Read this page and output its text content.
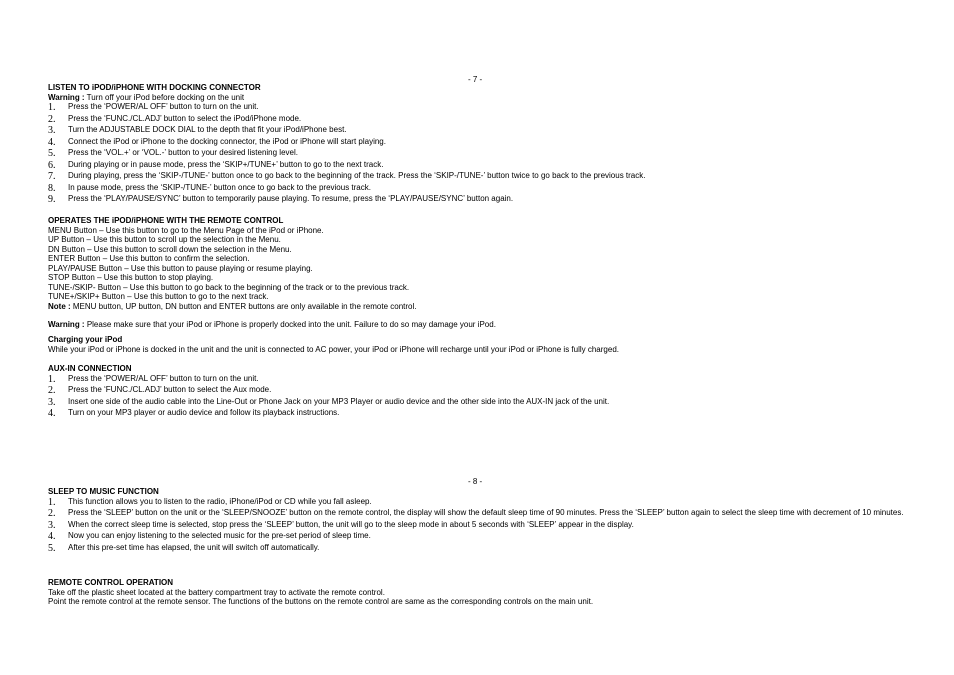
- 7 -
LISTEN TO iPOD/iPHONE WITH DOCKING CONNECTOR
Warning : Turn off your iPod before docking on the unit
1. Press the ‘POWER/AL OFF’ button to turn on the unit.
2. Press the ‘FUNC./CL.ADJ’ button to select the iPod/iPhone mode.
3. Turn the ADJUSTABLE DOCK DIAL to the depth that fit your iPod/iPhone best.
4. Connect the iPod or iPhone to the docking connector, the iPod or iPhone will start playing.
5. Press the ‘VOL.+’ or ‘VOL.-’ button to your desired listening level.
6. During playing or in pause mode, press the ‘SKIP+/TUNE+’ button to go to the next track.
7. During playing, press the ‘SKIP-/TUNE-’ button once to go back to the beginning of the track. Press the ‘SKIP-/TUNE-’ button twice to go back to the previous track.
8. In pause mode, press the ‘SKIP-/TUNE-’ button once to go back to the previous track.
9. Press the ‘PLAY/PAUSE/SYNC’ button to temporarily pause playing. To resume, press the ‘PLAY/PAUSE/SYNC’ button again.
OPERATES THE iPOD/iPHONE WITH THE REMOTE CONTROL
MENU Button – Use this button to go to the Menu Page of the iPod or iPhone.
UP Button – Use this button to scroll up the selection in the Menu.
DN Button – Use this button to scroll down the selection in the Menu.
ENTER Button – Use this button to confirm the selection.
PLAY/PAUSE Button – Use this button to pause playing or resume playing.
STOP Button – Use this button to stop playing.
TUNE-/SKIP- Button – Use this button to go back to the beginning of the track or to the previous track.
TUNE+/SKIP+ Button – Use this button to go to the next track.
Note : MENU button, UP button, DN button and ENTER buttons are only available in the remote control.
Warning : Please make sure that your iPod or iPhone is properly docked into the unit. Failure to do so may damage your iPod.
Charging your iPod
While your iPod or iPhone is docked in the unit and the unit is connected to AC power, your iPod or iPhone will recharge until your iPod or iPhone is fully charged.
AUX-IN CONNECTION
1. Press the ‘POWER/AL OFF’ button to turn on the unit.
2. Press the ‘FUNC./CL.ADJ’ button to select the Aux mode.
3. Insert one side of the audio cable into the Line-Out or Phone Jack on your MP3 Player or audio device and the other side into the AUX-IN jack of the unit.
4. Turn on your MP3 player or audio device and follow its playback instructions.
- 8 -
SLEEP TO MUSIC FUNCTION
1. This function allows you to listen to the radio, iPhone/iPod or CD while you fall asleep.
2. Press the ‘SLEEP’ button on the unit or the ‘SLEEP/SNOOZE’ button on the remote control, the display will show the default sleep time of 90 minutes. Press the ‘SLEEP’ button again to select the sleep time with decrement of 10 minutes.
3. When the correct sleep time is selected, stop press the ‘SLEEP’ button, the unit will go to the sleep mode in about 5 seconds with ‘SLEEP’ appear in the display.
4. Now you can enjoy listening to the selected music for the pre-set period of sleep time.
5. After this pre-set time has elapsed, the unit will switch off automatically.
REMOTE CONTROL OPERATION
Take off the plastic sheet located at the battery compartment tray to activate the remote control.
Point the remote control at the remote sensor. The functions of the buttons on the remote control are same as the corresponding controls on the main unit.
